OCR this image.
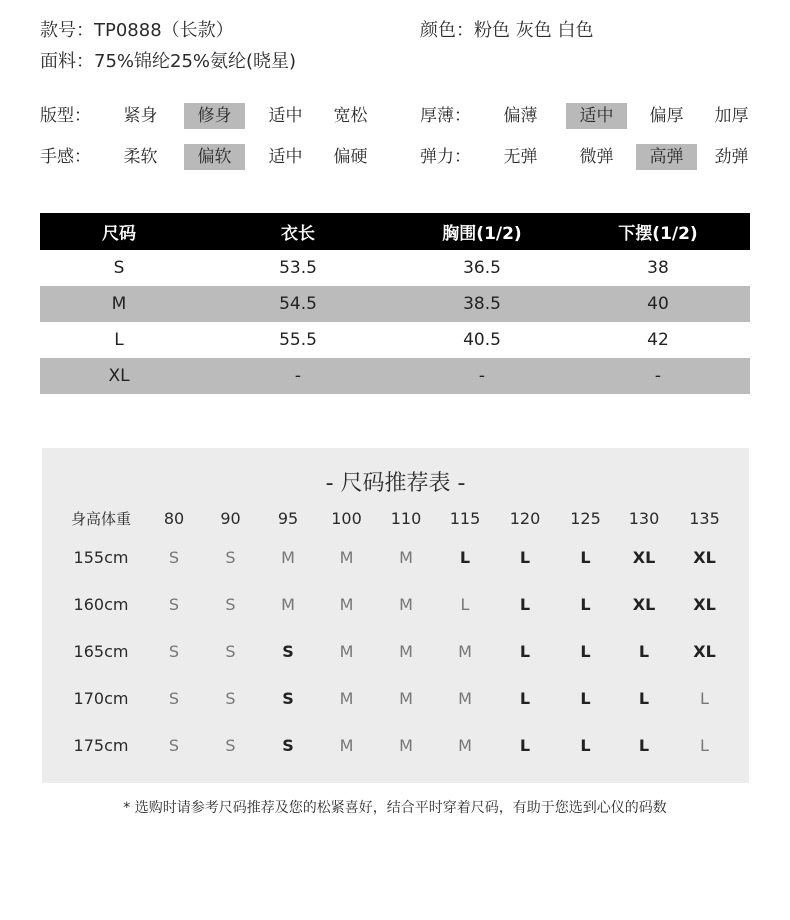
款号：TP0888（长款）	颜色：粉色 灰色 白色
面料：75%锦纶25%氨纶(晓星)
版型：	紧身	修身	适中	宽松	厚薄：	偏薄	适中	偏厚	加厚
手感：	柔软	偏软	适中	偏硬	弹力：	无弹	微弹	高弹	劲弹
尺码	衣长	胸围(1/2)	下摆(1/2)
S	53.5	36.5	38
M	54.5	38.5	40
L	55.5	40.5	42
XL	-	-	-
- 尺码推荐表 -
身高体重	80	90	95	100	110	115	120	125	130	135
155cm	S	S	M	M	M	L	L	L	XL	XL
160cm	S	S	M	M	M	L	L	L	XL	XL
165cm	S	S	S	M	M	M	L	L	L	XL
170cm	S	S	S	M	M	M	L	L	L	L
175cm	S	S	S	M	M	M	L	L	L	L
* 选购时请参考尺码推荐及您的松紧喜好，结合平时穿着尺码，有助于您选到心仪的码数
